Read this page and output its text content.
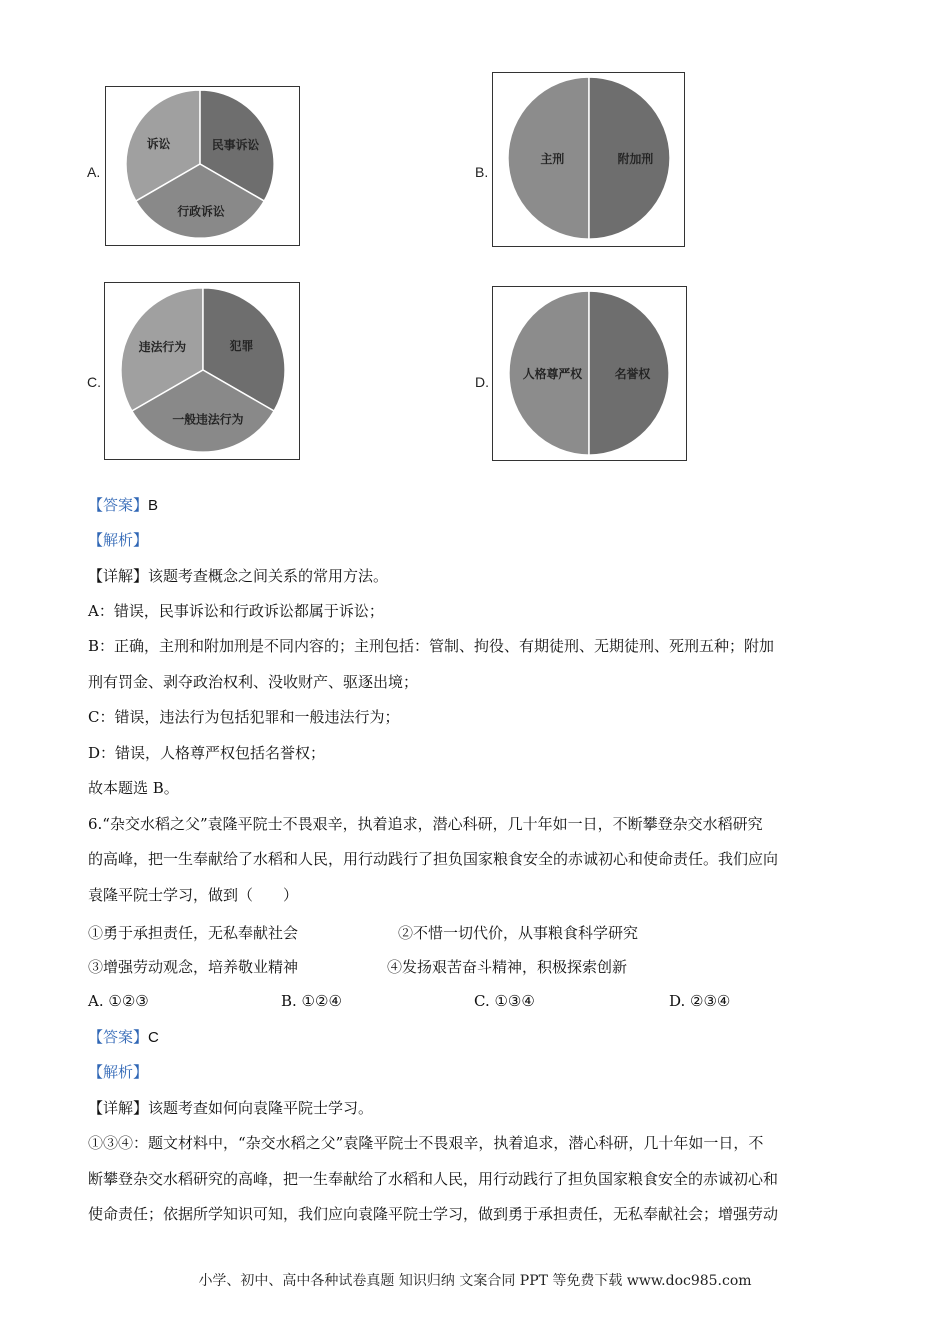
A.
诉讼	民事诉讼
行政诉讼
B.
主刑	附加刑
C.
违法行为	犯罪
一般违法行为
D.
人格尊严权	名誉权
【答案】B
【解析】
【详解】该题考查概念之间关系的常用方法。
A：错误，民事诉讼和行政诉讼都属于诉讼；
B：正确，主刑和附加刑是不同内容的；主刑包括：管制、拘役、有期徒刑、无期徒刑、死刑五种；附加
刑有罚金、剥夺政治权利、没收财产、驱逐出境；
C：错误，违法行为包括犯罪和一般违法行为；
D：错误，人格尊严权包括名誉权；
故本题选 B。
6.“杂交水稻之父”袁隆平院士不畏艰辛，执着追求，潜心科研，几十年如一日，不断攀登杂交水稻研究
的高峰，把一生奉献给了水稻和人民，用行动践行了担负国家粮食安全的赤诚初心和使命责任。我们应向
袁隆平院士学习，做到（　　）
①勇于承担责任，无私奉献社会	②不惜一切代价，从事粮食科学研究
③增强劳动观念，培养敬业精神	④发扬艰苦奋斗精神，积极探索创新
A. ①②③	B. ①②④	C. ①③④	D. ②③④
【答案】C
【解析】
【详解】该题考查如何向袁隆平院士学习。
①③④：题文材料中，“杂交水稻之父”袁隆平院士不畏艰辛，执着追求，潜心科研，几十年如一日，不
断攀登杂交水稻研究的高峰，把一生奉献给了水稻和人民，用行动践行了担负国家粮食安全的赤诚初心和
使命责任；依据所学知识可知，我们应向袁隆平院士学习，做到勇于承担责任，无私奉献社会；增强劳动
小学、初中、高中各种试卷真题 知识归纳 文案合同 PPT 等免费下载 www.doc985.com
